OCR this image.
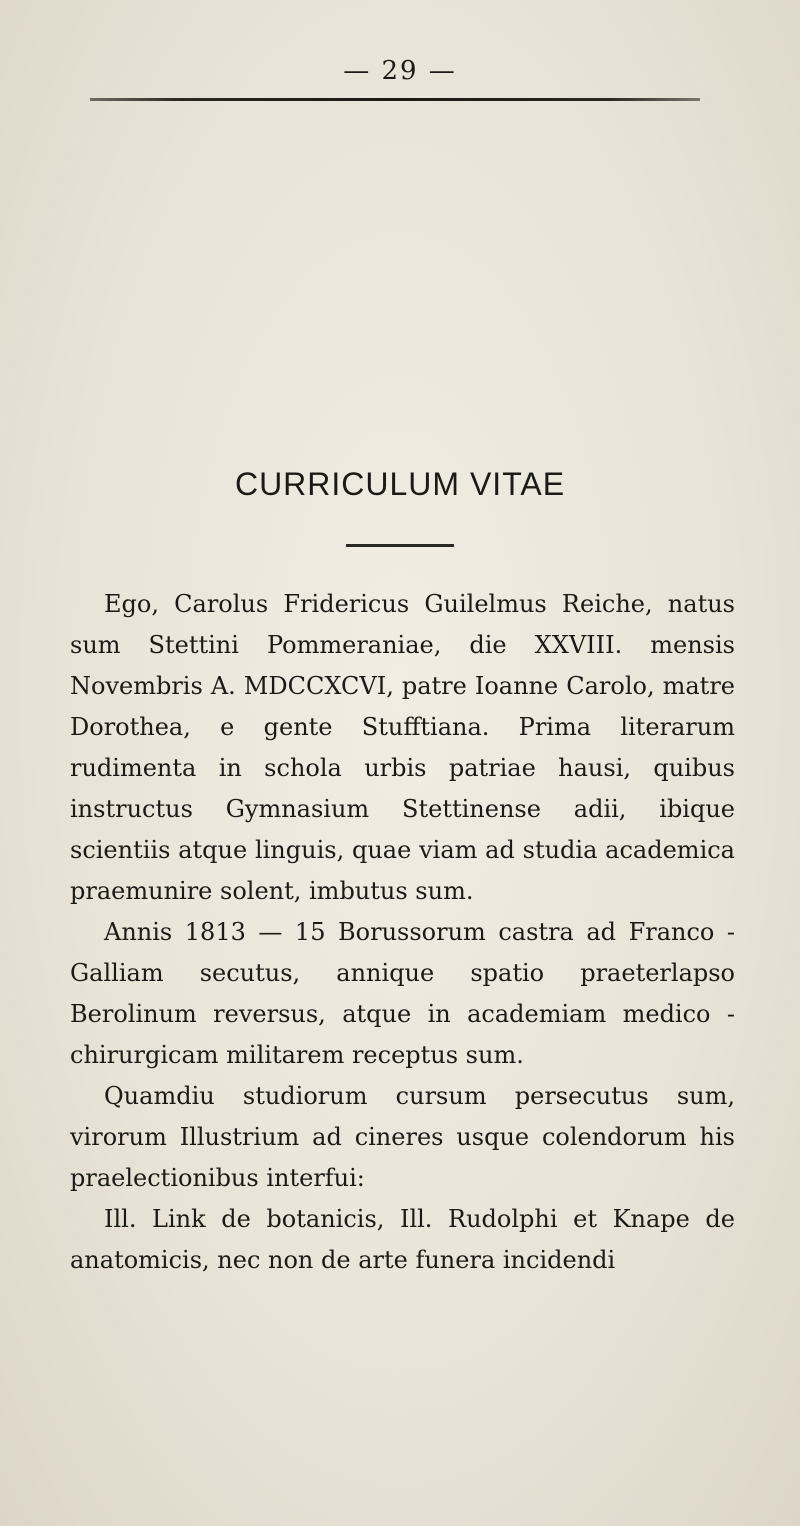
— 29 —
CURRICULUM VITAE

Ego, Carolus Fridericus Guilelmus Reiche, natus sum Stettini Pommeraniae, die XXVIII. mensis Novembris A. MDCCXCVI, patre Ioanne Carolo, matre Dorothea, e gente Stufftiana. Prima literarum rudimenta in schola urbis patriae hausi, quibus instructus Gymnasium Stettinense adii, ibique scientiis atque linguis, quae viam ad studia academica praemunire solent, imbutus sum.

Annis 1813 — 15 Borussorum castra ad Franco - Galliam secutus, annique spatio praeterlapso Berolinum reversus, atque in academiam medico - chirurgicam militarem receptus sum.

Quamdiu studiorum cursum persecutus sum, virorum Illustrium ad cineres usque colendorum his praelectionibus interfui:

Ill. Link de botanicis, Ill. Rudolphi et Knape de anatomicis, nec non de arte funera incidendi
